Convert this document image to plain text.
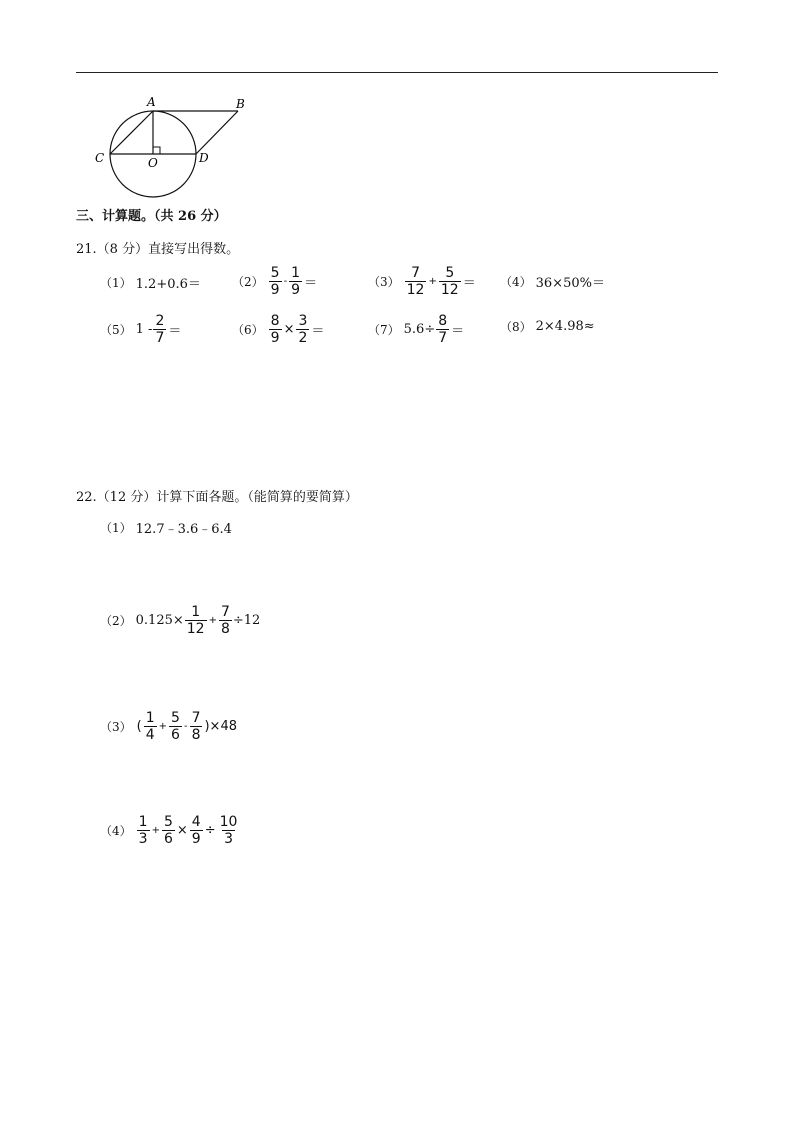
A	B
C	O	D
三、计算题。（共 26 分）
21.（8 分）直接写出得数。
（1） 1.2+0.6＝	$(2) \frac{5}{9} - \frac{1}{9}$ ＝	$(3) \frac{7}{12} + \frac{5}{12} = (4)$ 36×50%＝
（5） $1 - \frac{2}{7}$ ＝	$(6) \frac{8}{9} \times \frac{3}{2}$ ＝	（7） $5.6\div \frac{8}{7}$ ＝	（8） 2×4.98≈
22.（12 分）计算下面各题。（能简算的要简算）
（1） 12.7﹣3.6﹣6.4
（2） $0.125\times \frac{1}{12} + \frac{7}{8} \div 12$
（3） ( $\frac{1}{4} + \frac{5}{6} - \frac{7}{8} )\times 48$
$(4) \frac{1}{3} + \frac{5}{6} \times \frac{4}{9} \div \frac{10}{3}$
